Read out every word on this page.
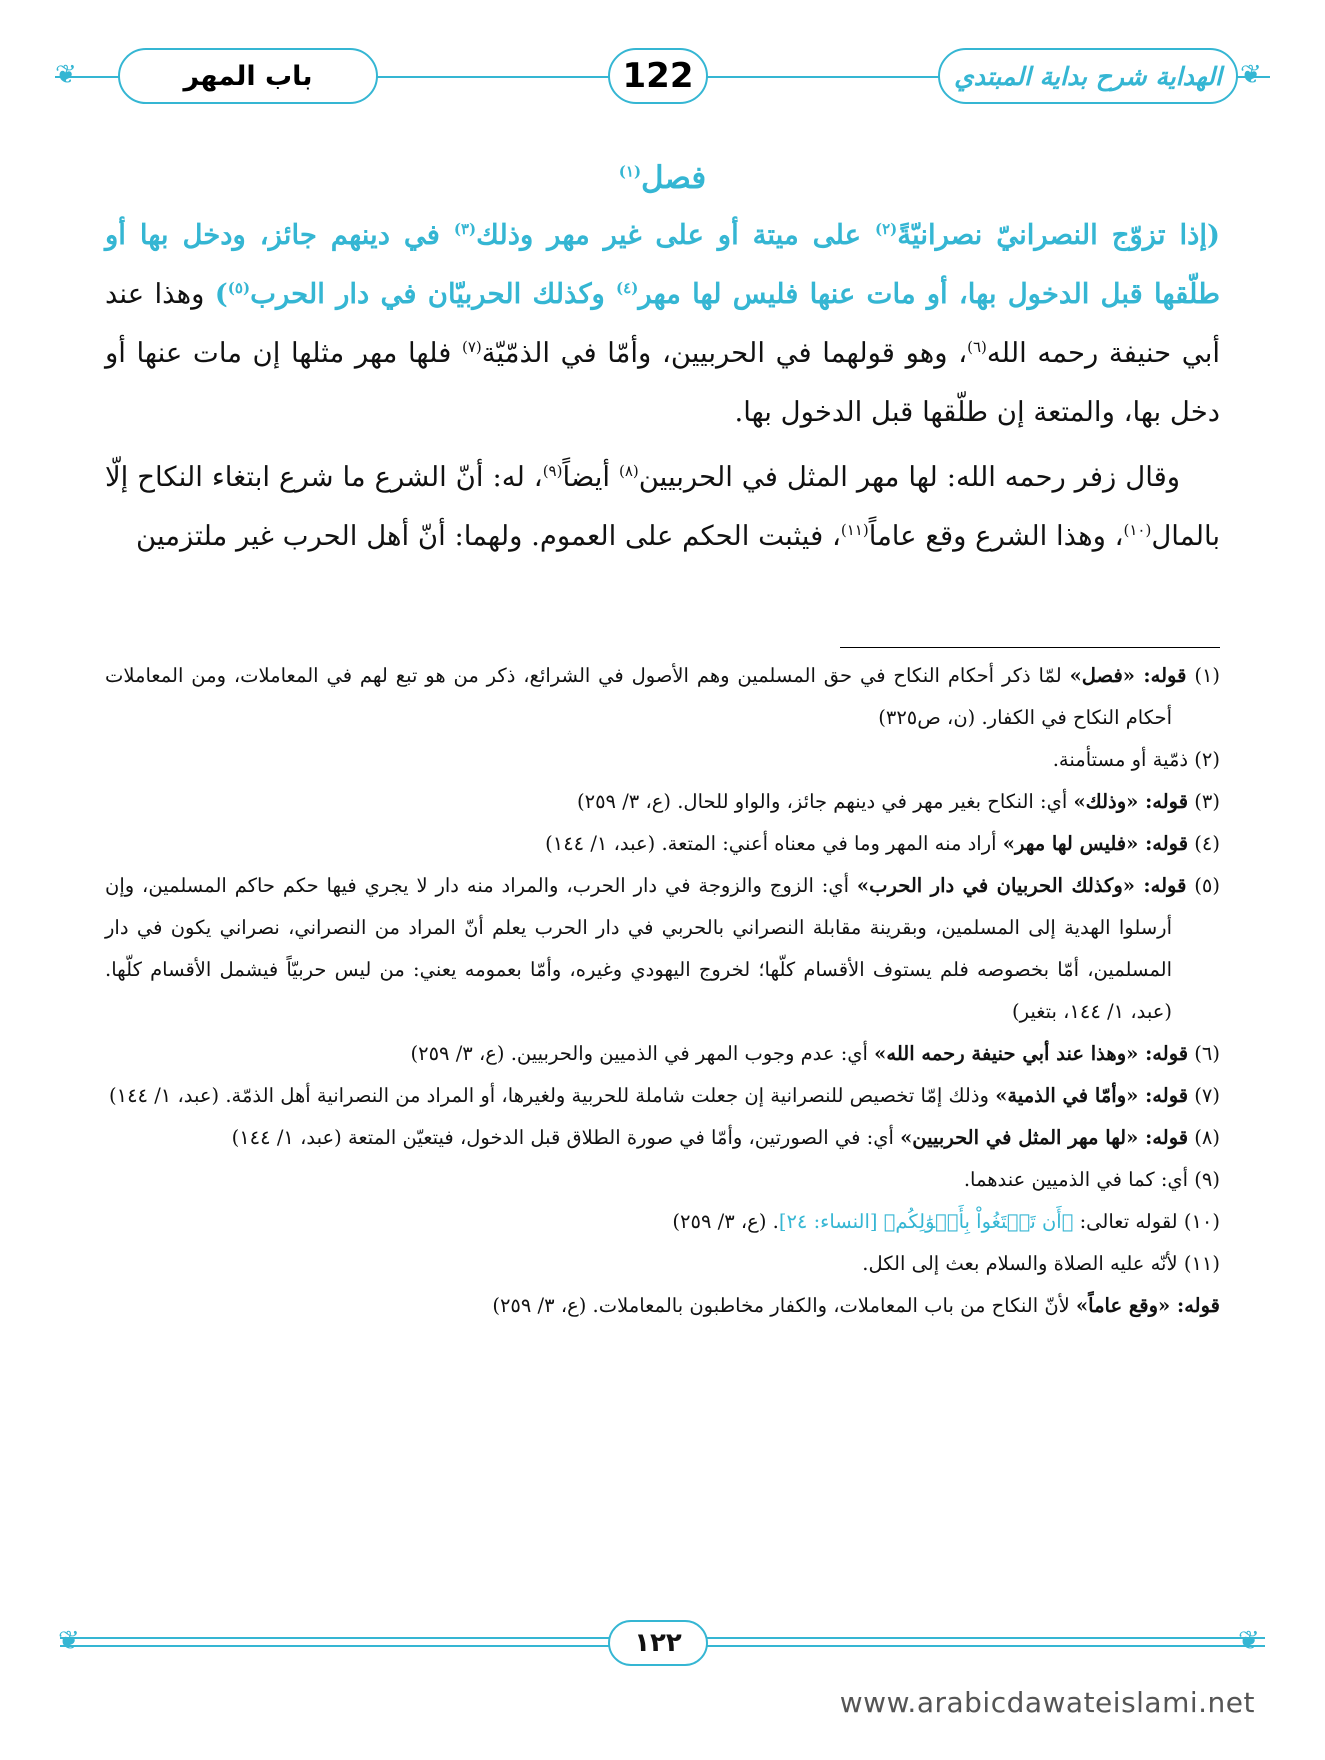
❦	❦
باب المهر	122	الهداية شرح بداية المبتدي
فصل$^{(١)}$

(إذا تزوّج النصرانيّ نصرانيّةً$^{(٢)}$ على ميتة أو على غير مهر وذلك$^{(٣)}$ في دينهم جائز، ودخل بها أو طلّقها قبل الدخول بها، أو مات عنها فليس لها مهر$^{(٤)}$ وكذلك الحربيّان في دار الحرب$^{(٥)}$) وهذا عند أبي حنيفة رحمه الله$^{(٦)}$، وهو قولهما في الحربيين، وأمّا في الذمّيّة$^{(٧)}$ فلها مهر مثلها إن مات عنها أو دخل بها، والمتعة إن طلّقها قبل الدخول بها.

وقال زفر رحمه الله: لها مهر المثل في الحربيين$^{(٨)}$ أيضاً$^{(٩)}$، له: أنّ الشرع ما شرع ابتغاء النكاح إلّا بالمال$^{(١٠)}$، وهذا الشرع وقع عاماً$^{(١١)}$، فيثبت الحكم على العموم. ولهما: أنّ أهل الحرب غير ملتزمين

(١) قوله: «فصل» لمّا ذكر أحكام النكاح في حق المسلمين وهم الأصول في الشرائع، ذكر من هو تبع لهم في المعاملات، ومن المعاملات أحكام النكاح في الكفار. (ن، ص٣٢٥)

(٢) ذمّية أو مستأمنة.

(٣) قوله: «وذلك» أي: النكاح بغير مهر في دينهم جائز، والواو للحال. (ع، ٣/ ٢٥٩)

(٤) قوله: «فليس لها مهر» أراد منه المهر وما في معناه أعني: المتعة. (عبد، ١/ ١٤٤)

(٥) قوله: «وكذلك الحربيان في دار الحرب» أي: الزوج والزوجة في دار الحرب، والمراد منه دار لا يجري فيها حكم حاكم المسلمين، وإن أرسلوا الهدية إلى المسلمين، وبقرينة مقابلة النصراني بالحربي في دار الحرب يعلم أنّ المراد من النصراني، نصراني يكون في دار المسلمين، أمّا بخصوصه فلم يستوف الأقسام كلّها؛ لخروج اليهودي وغيره، وأمّا بعمومه يعني: من ليس حربيّاً فيشمل الأقسام كلّها. (عبد، ١/ ١٤٤، بتغير)

(٦) قوله: «وهذا عند أبي حنيفة رحمه الله» أي: عدم وجوب المهر في الذميين والحربيين. (ع، ٣/ ٢٥٩)

(٧) قوله: «وأمّا في الذمية» وذلك إمّا تخصيص للنصرانية إن جعلت شاملة للحربية ولغيرها، أو المراد من النصرانية أهل الذمّة. (عبد، ١/ ١٤٤)

(٨) قوله: «لها مهر المثل في الحربيين» أي: في الصورتين، وأمّا في صورة الطلاق قبل الدخول، فيتعيّن المتعة (عبد، ١/ ١٤٤)

(٩) أي: كما في الذميين عندهما.

(١٠) لقوله تعالى: ﴿أَن تَبۡتَغُواْ بِأَمۡوَٰلِكُم﴾ [النساء: ٢٤]. (ع، ٣/ ٢٥٩)

(١١) لأنّه عليه الصلاة والسلام بعث إلى الكل.

قوله: «وقع عاماً» لأنّ النكاح من باب المعاملات، والكفار مخاطبون بالمعاملات. (ع، ٣/ ٢٥٩)

❦	❦
١٢٢
www.arabicdawateislami.net
